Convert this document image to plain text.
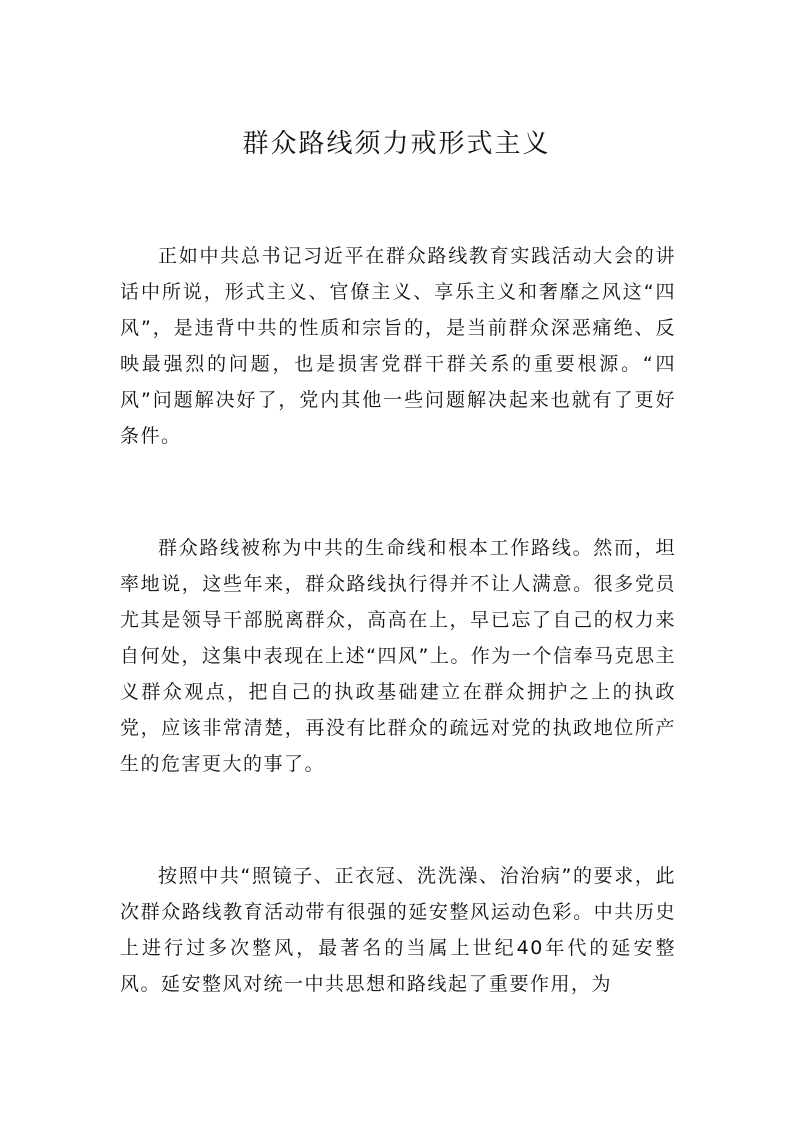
群众路线须力戒形式主义

正如中共总书记习近平在群众路线教育实践活动大会的讲话中所说，形式主义、官僚主义、享乐主义和奢靡之风这“四风”，是违背中共的性质和宗旨的，是当前群众深恶痛绝、反映最强烈的问题，也是损害党群干群关系的重要根源。“四风”问题解决好了，党内其他一些问题解决起来也就有了更好条件。

群众路线被称为中共的生命线和根本工作路线。然而，坦率地说，这些年来，群众路线执行得并不让人满意。很多党员尤其是领导干部脱离群众，高高在上，早已忘了自己的权力来自何处，这集中表现在上述“四风”上。作为一个信奉马克思主义群众观点，把自己的执政基础建立在群众拥护之上的执政党，应该非常清楚，再没有比群众的疏远对党的执政地位所产生的危害更大的事了。

按照中共“照镜子、正衣冠、洗洗澡、治治病”的要求，此次群众路线教育活动带有很强的延安整风运动色彩。中共历史上进行过多次整风，最著名的当属上世纪40年代的延安整风。延安整风对统一中共思想和路线起了重要作用，为
